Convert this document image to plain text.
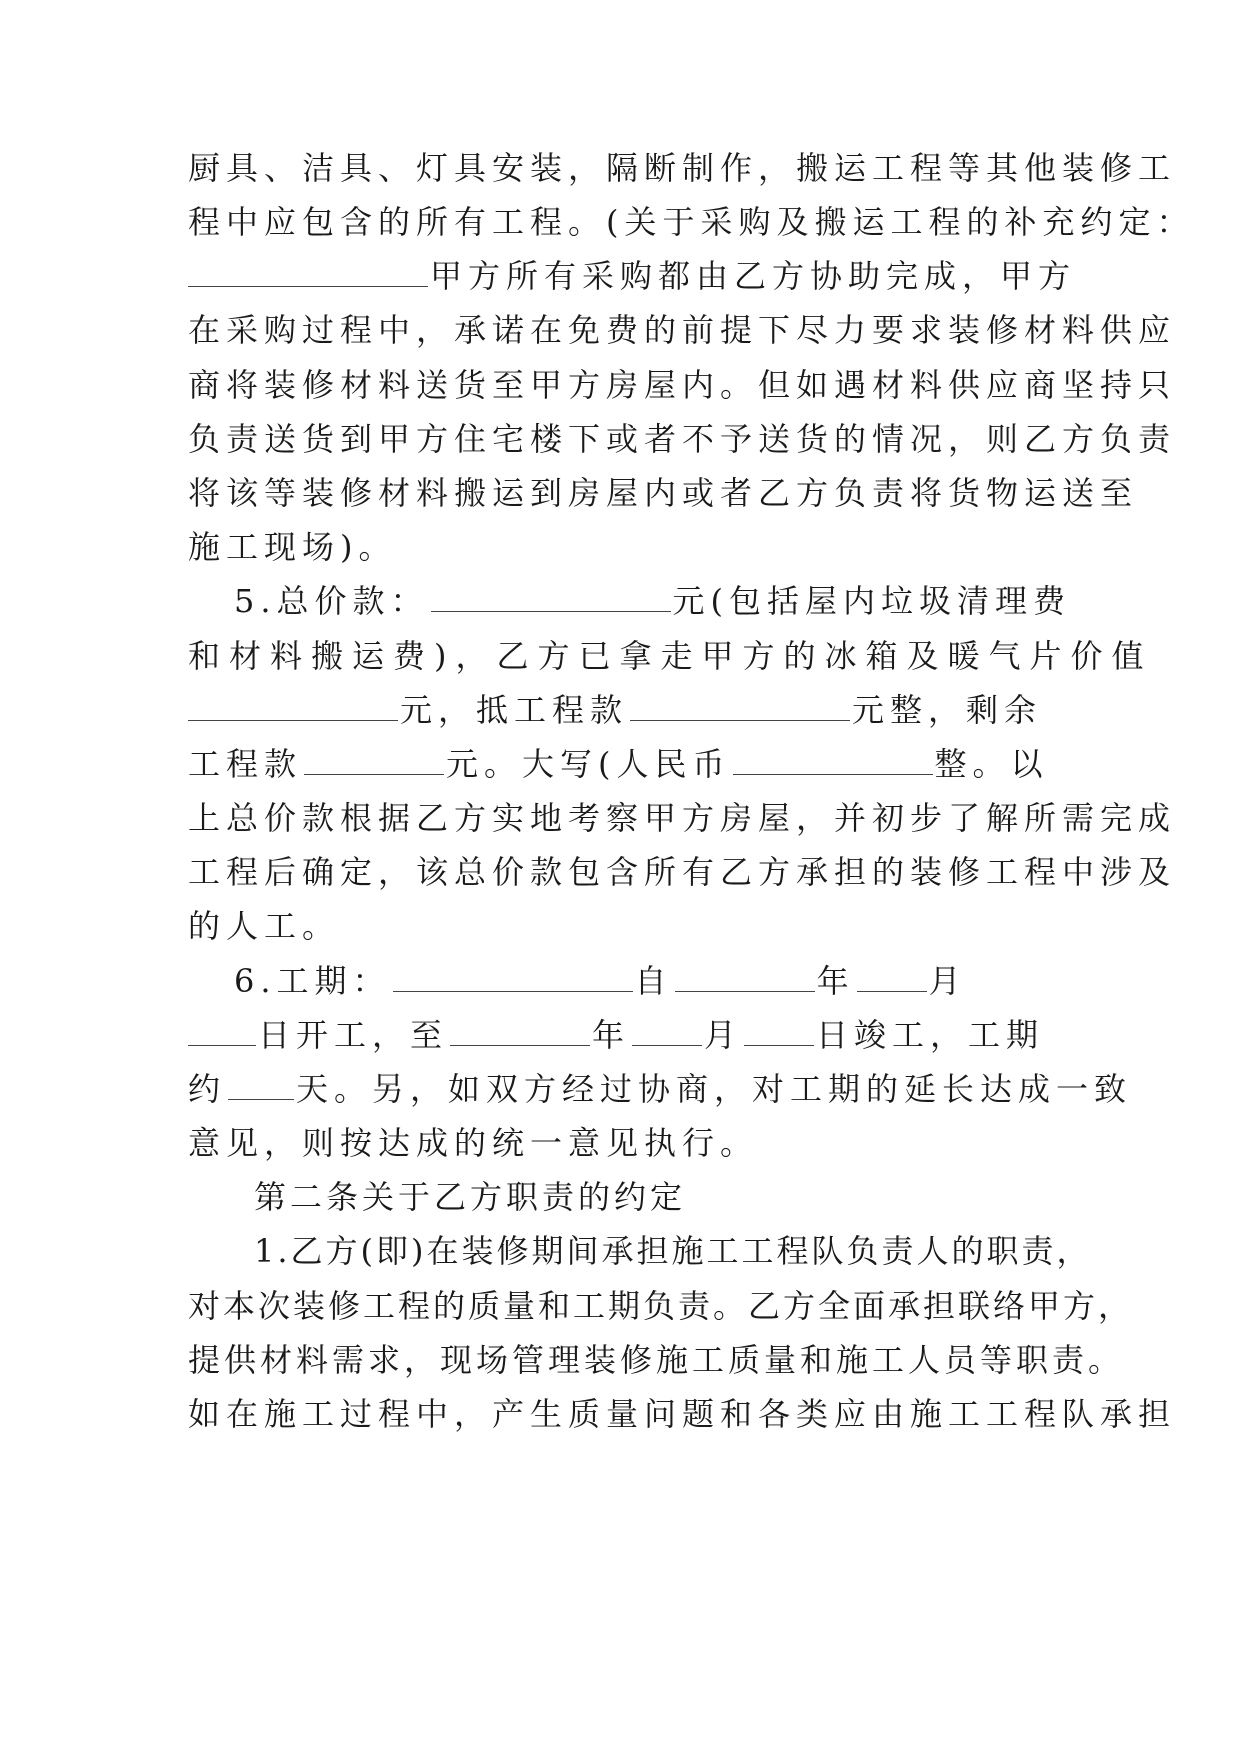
厨具、洁具、灯具安装，隔断制作，搬运工程等其他装修工
程中应包含的所有工程。(关于采购及搬运工程的补充约定：
甲方所有采购都由乙方协助完成，甲方
在采购过程中，承诺在免费的前提下尽力要求装修材料供应
商将装修材料送货至甲方房屋内。但如遇材料供应商坚持只
负责送货到甲方住宅楼下或者不予送货的情况，则乙方负责
将该等装修材料搬运到房屋内或者乙方负责将货物运送至
施工现场)。
5.总价款：	元(包括屋内垃圾清理费
和材料搬运费)，乙方已拿走甲方的冰箱及暖气片价值
元，抵工程款	元整，剩余
工程款	元。大写(人民币	整。以
上总价款根据乙方实地考察甲方房屋，并初步了解所需完成
工程后确定，该总价款包含所有乙方承担的装修工程中涉及
的人工。
6.工期：	自	年 月
日开工，至	年 月 日竣工，工期
约 天。另，如双方经过协商，对工期的延长达成一致
意见，则按达成的统一意见执行。
第二条关于乙方职责的约定
1.乙方(即)在装修期间承担施工工程队负责人的职责，
对本次装修工程的质量和工期负责。乙方全面承担联络甲方，
提供材料需求，现场管理装修施工质量和施工人员等职责。
如在施工过程中，产生质量问题和各类应由施工工程队承担
